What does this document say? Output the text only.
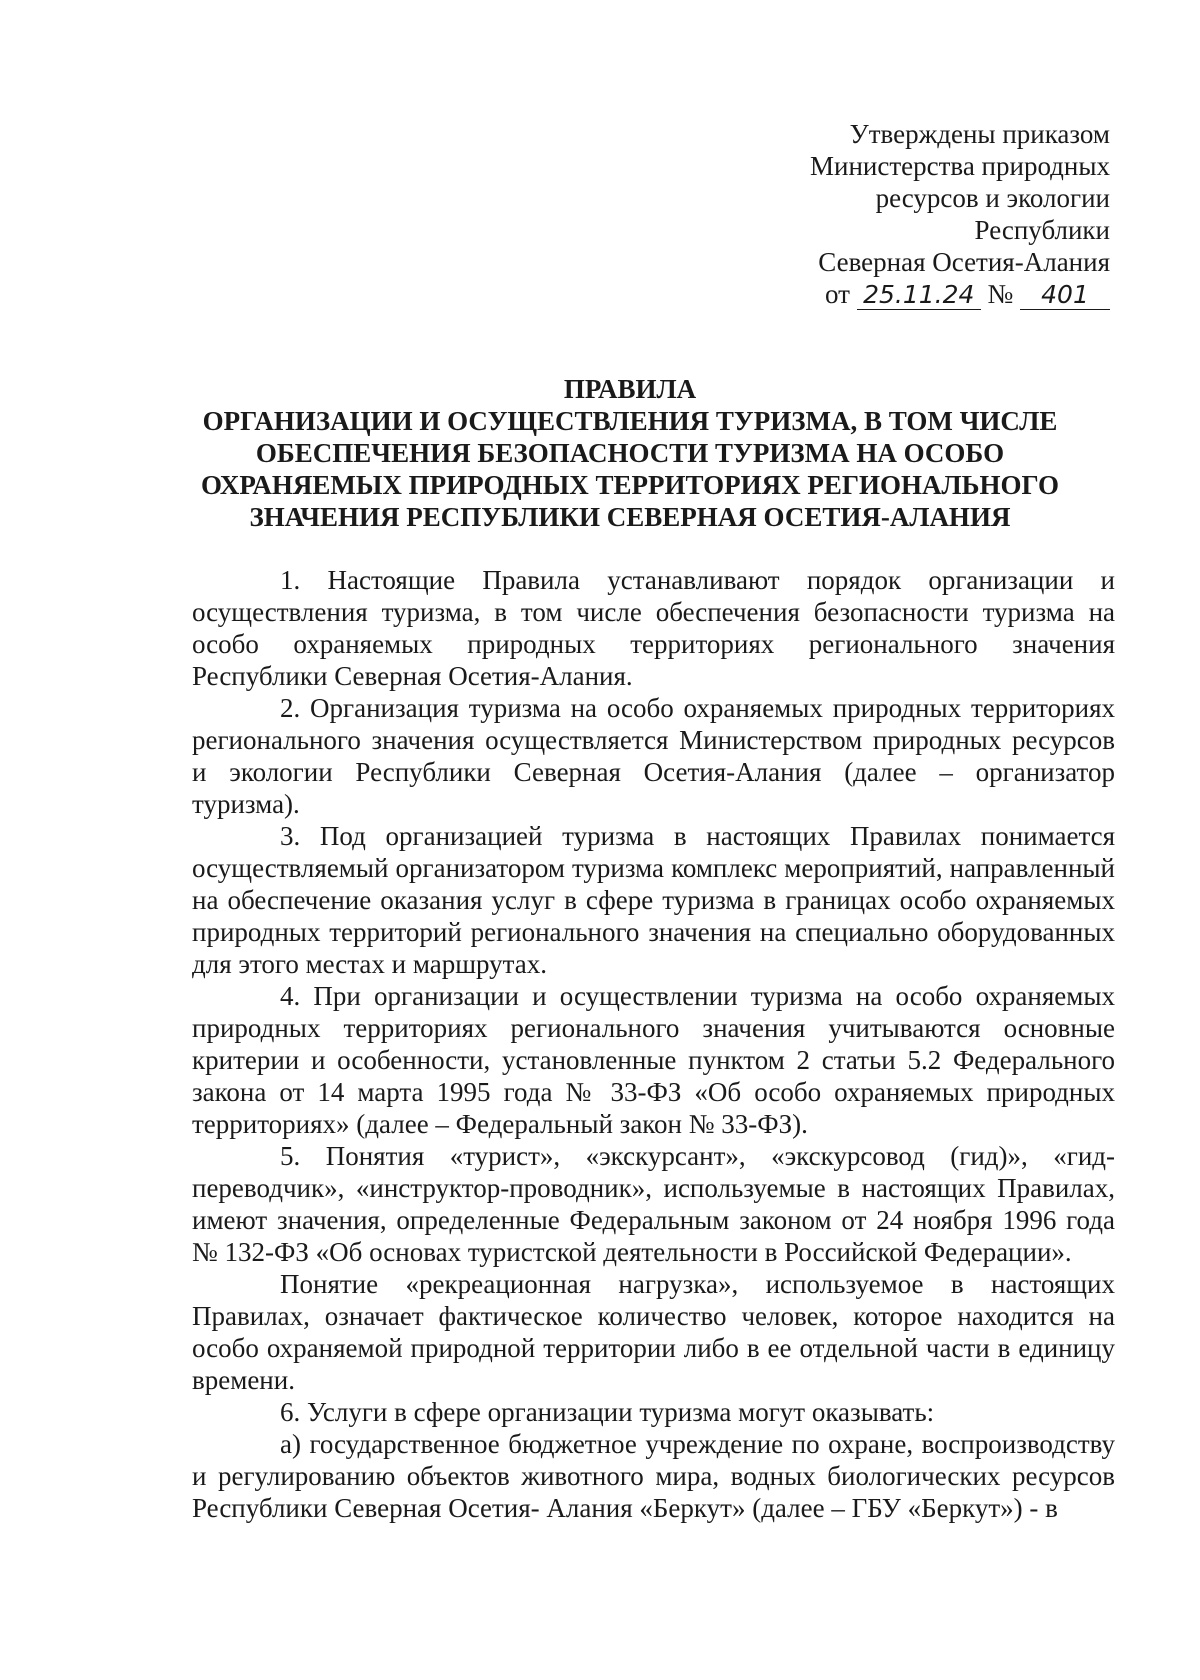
Утверждены приказом
Министерства природных
ресурсов и экологии
Республики
Северная Осетия-Алания
от 25.11.24 № 401
ПРАВИЛА
ОРГАНИЗАЦИИ И ОСУЩЕСТВЛЕНИЯ ТУРИЗМА, В ТОМ ЧИСЛЕ
ОБЕСПЕЧЕНИЯ БЕЗОПАСНОСТИ ТУРИЗМА НА ОСОБО
ОХРАНЯЕМЫХ ПРИРОДНЫХ ТЕРРИТОРИЯХ РЕГИОНАЛЬНОГО
ЗНАЧЕНИЯ РЕСПУБЛИКИ СЕВЕРНАЯ ОСЕТИЯ-АЛАНИЯ

1. Настоящие Правила устанавливают порядок организации и осуществления туризма, в том числе обеспечения безопасности туризма на особо охраняемых природных территориях регионального значения Республики Северная Осетия-Алания.

2. Организация туризма на особо охраняемых природных территориях регионального значения осуществляется Министерством природных ресурсов и экологии Республики Северная Осетия-Алания (далее – организатор туризма).

3. Под организацией туризма в настоящих Правилах понимается осуществляемый организатором туризма комплекс мероприятий, направленный на обеспечение оказания услуг в сфере туризма в границах особо охраняемых природных территорий регионального значения на специально оборудованных для этого местах и маршрутах.

4. При организации и осуществлении туризма на особо охраняемых природных территориях регионального значения учитываются основные критерии и особенности, установленные пунктом 2 статьи 5.2 Федерального закона от 14 марта 1995 года № 33-ФЗ «Об особо охраняемых природных территориях» (далее – Федеральный закон № 33-ФЗ).

5. Понятия «турист», «экскурсант», «экскурсовод (гид)», «гид-переводчик», «инструктор-проводник», используемые в настоящих Правилах, имеют значения, определенные Федеральным законом от 24 ноября 1996 года № 132-ФЗ «Об основах туристской деятельности в Российской Федерации».

Понятие «рекреационная нагрузка», используемое в настоящих Правилах, означает фактическое количество человек, которое находится на особо охраняемой природной территории либо в ее отдельной части в единицу времени.

6. Услуги в сфере организации туризма могут оказывать:

а) государственное бюджетное учреждение по охране, воспроизводству и регулированию объектов животного мира, водных биологических ресурсов Республики Северная Осетия- Алания «Беркут» (далее – ГБУ «Беркут») - в
